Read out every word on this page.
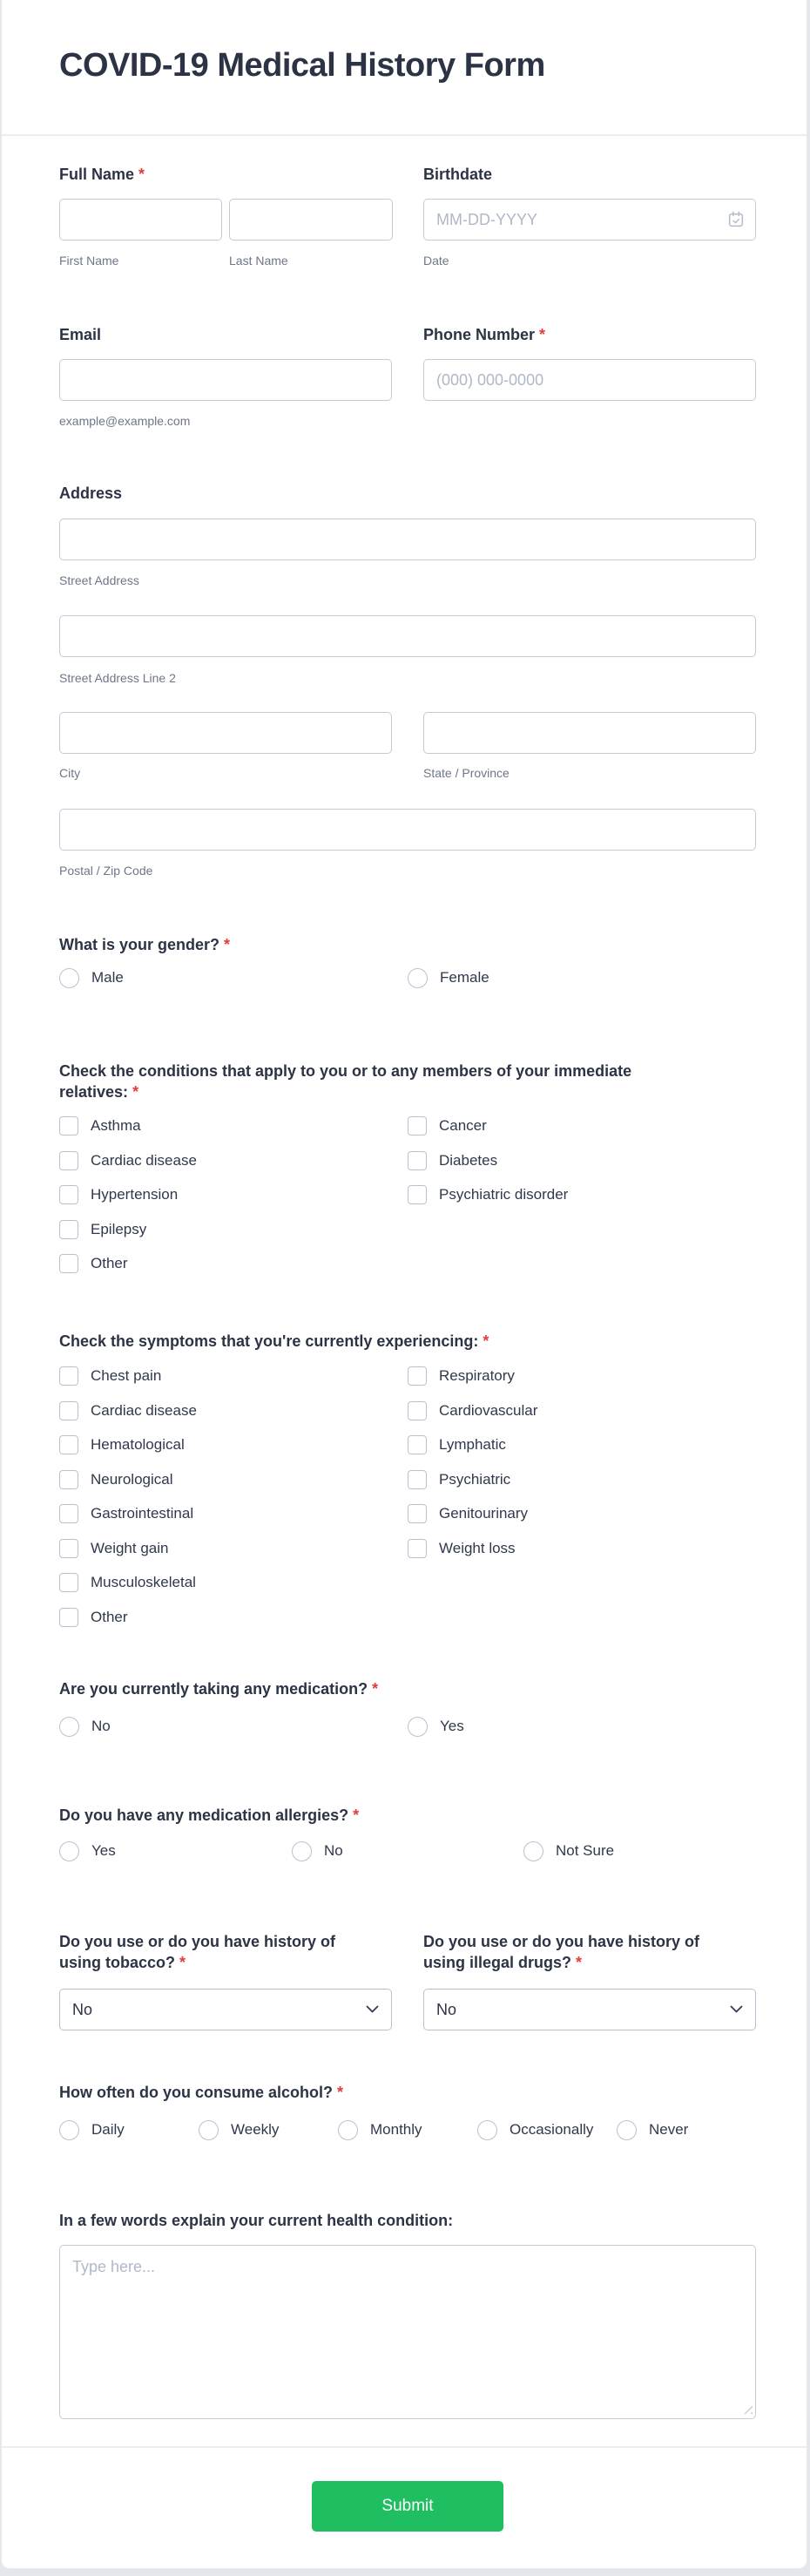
COVID-19 Medical History Form
Full Name *	Birthdate
MM-DD-YYYY
First Name	Last Name	Date
Email	Phone Number *
(000) 000-0000
example@example.com
Address
Street Address
Street Address Line 2
City	State / Province
Postal / Zip Code
What is your gender? *
Male	Female
Check the conditions that apply to you or to any members of your immediate relatives: *
Asthma
Cardiac disease
Hypertension
Epilepsy
Other
Cancer
Diabetes
Psychiatric disorder
Check the symptoms that you're currently experiencing: *
Chest pain
Cardiac disease
Hematological
Neurological
Gastrointestinal
Weight gain
Musculoskeletal
Other
Respiratory
Cardiovascular
Lymphatic
Psychiatric
Genitourinary
Weight loss
Are you currently taking any medication? *
No	Yes
Do you have any medication allergies? *
Yes	No	Not Sure
Do you use or do you have history of using tobacco? *
Do you use or do you have history of using illegal drugs? *
No	No
How often do you consume alcohol? *
Daily	Weekly	Monthly	Occasionally	Never
In a few words explain your current health condition:
Type here...
Submit
